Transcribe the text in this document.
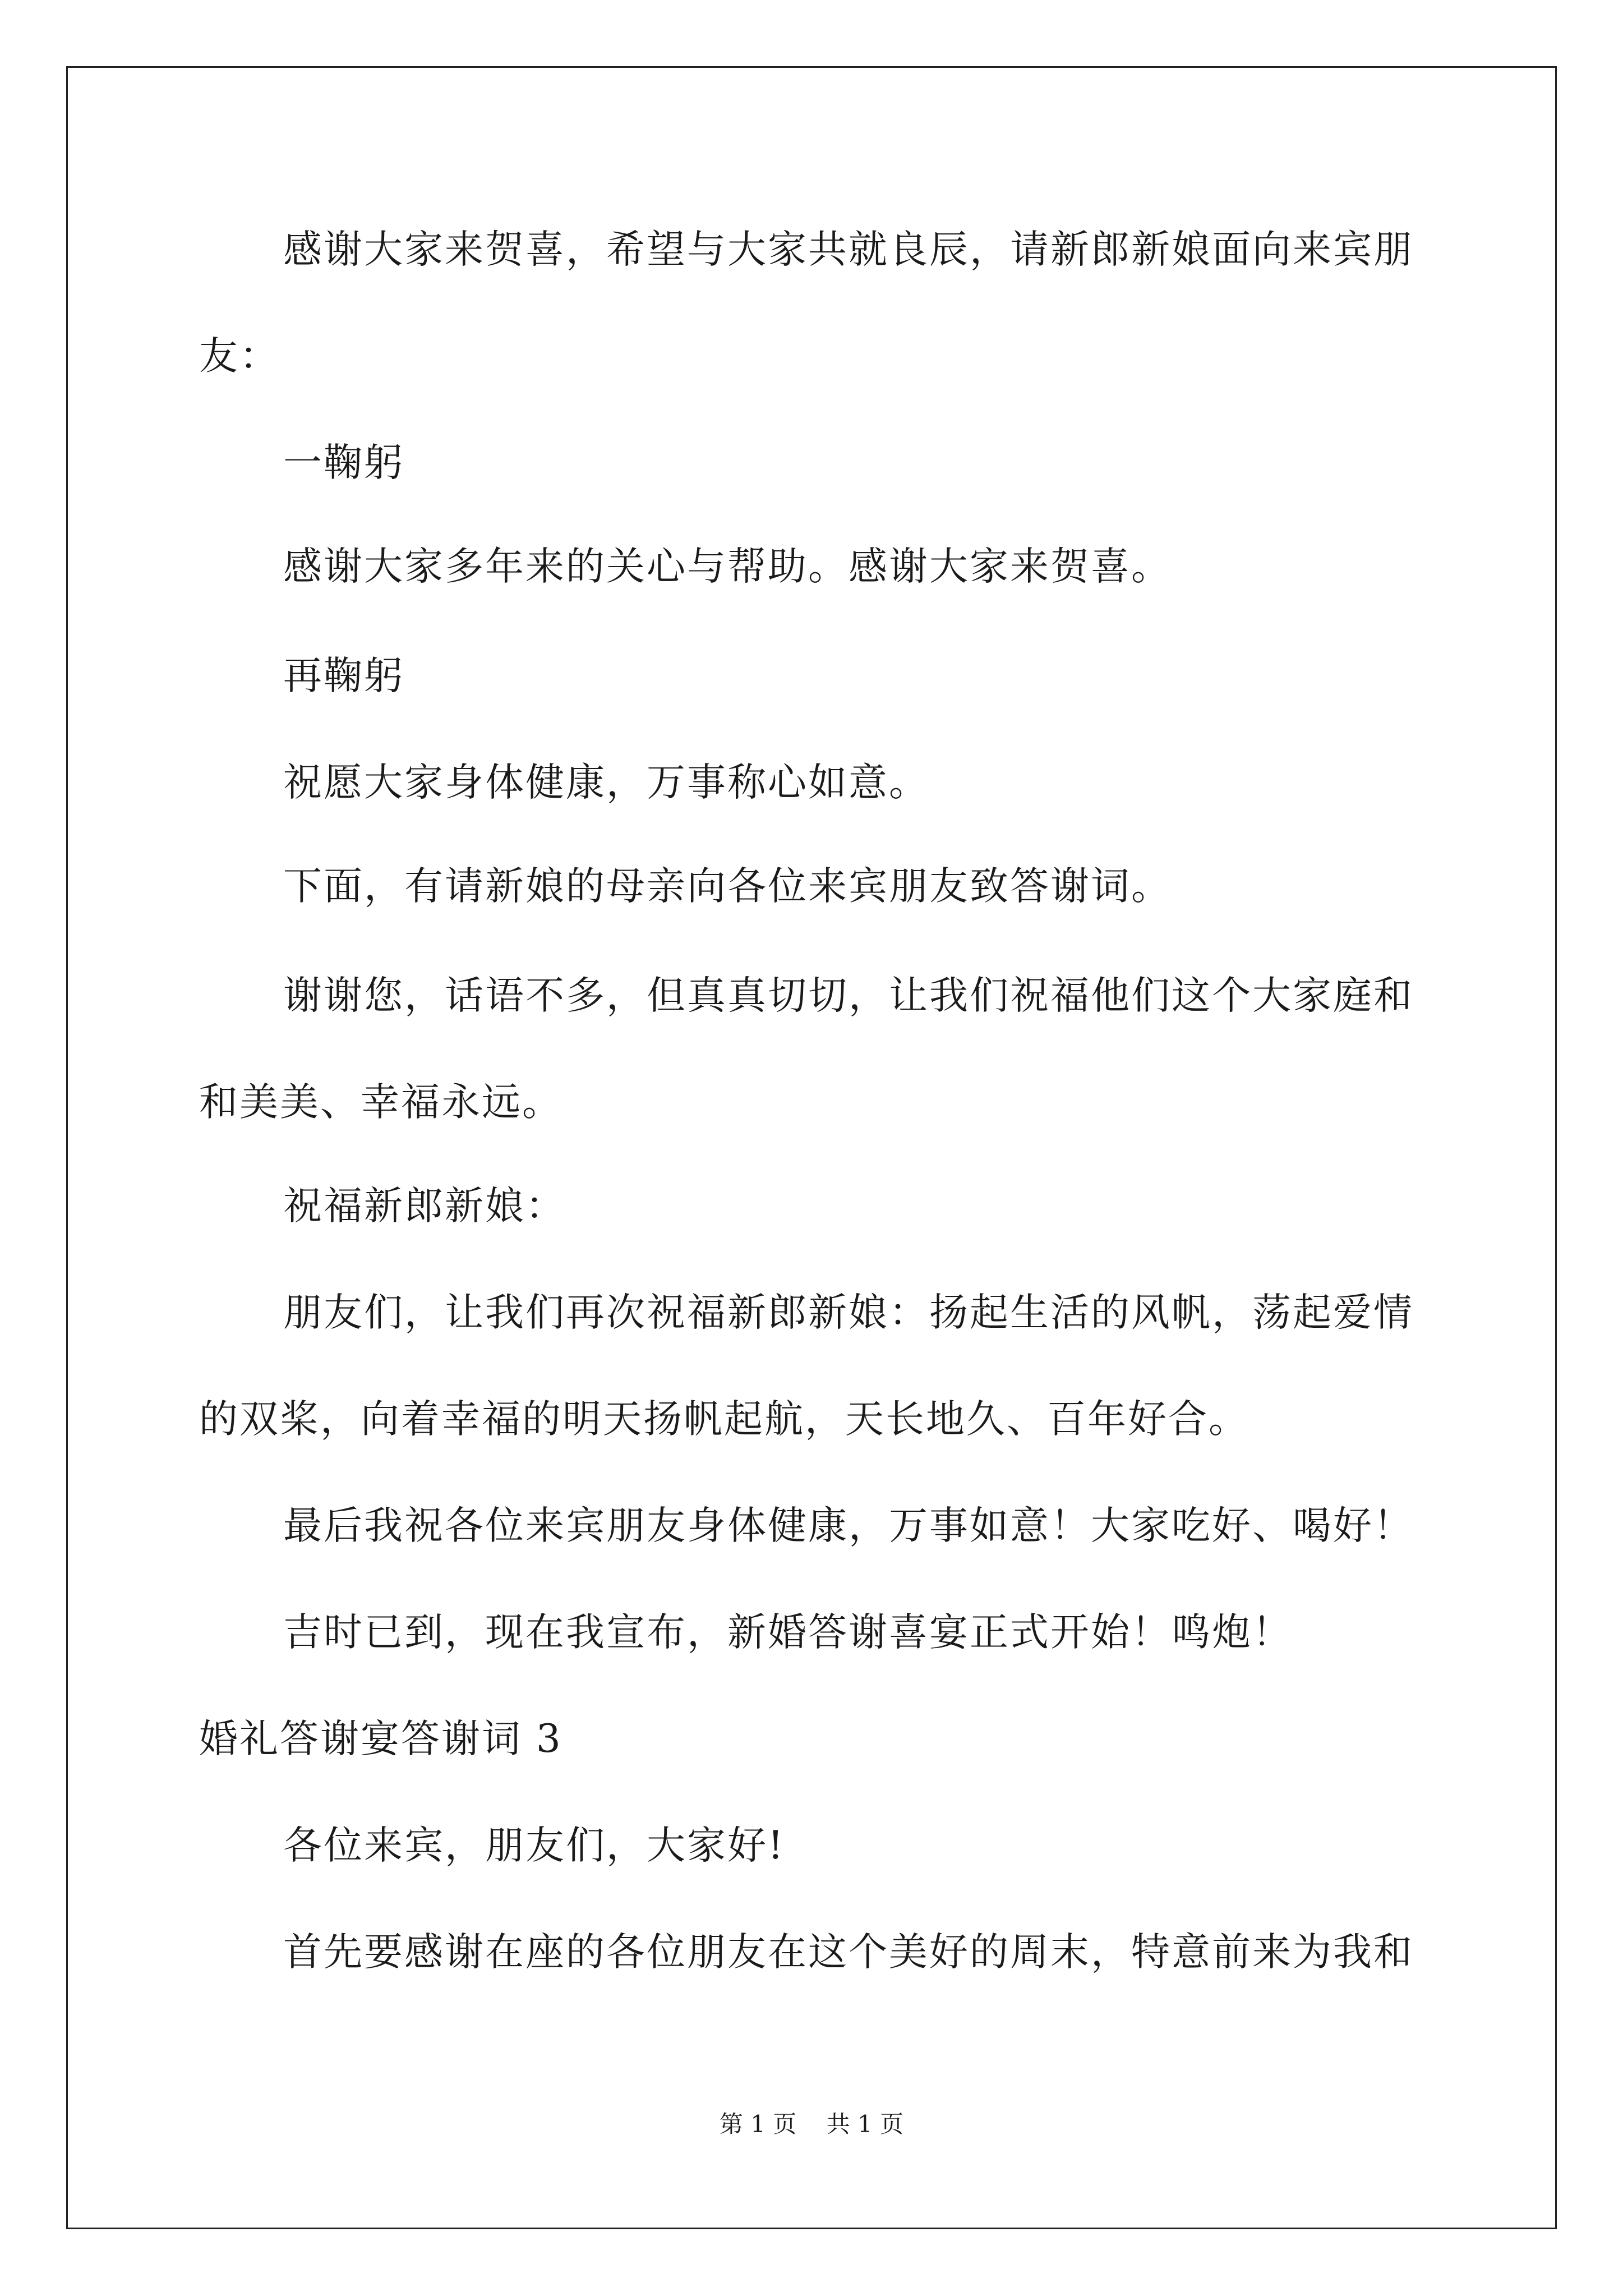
感谢大家来贺喜，希望与大家共就良辰，请新郎新娘面向来宾朋
友：
一鞠躬
感谢大家多年来的关心与帮助。感谢大家来贺喜。
再鞠躬
祝愿大家身体健康，万事称心如意。
下面，有请新娘的母亲向各位来宾朋友致答谢词。
谢谢您，话语不多，但真真切切，让我们祝福他们这个大家庭和
和美美、幸福永远。
祝福新郎新娘：
朋友们，让我们再次祝福新郎新娘：扬起生活的风帆，荡起爱情
的双桨，向着幸福的明天扬帆起航，天长地久、百年好合。
最后我祝各位来宾朋友身体健康，万事如意！大家吃好、喝好！
吉时已到，现在我宣布，新婚答谢喜宴正式开始！鸣炮！
婚礼答谢宴答谢词 3
各位来宾，朋友们，大家好!
首先要感谢在座的各位朋友在这个美好的周末，特意前来为我和
第 1 页    共 1 页
